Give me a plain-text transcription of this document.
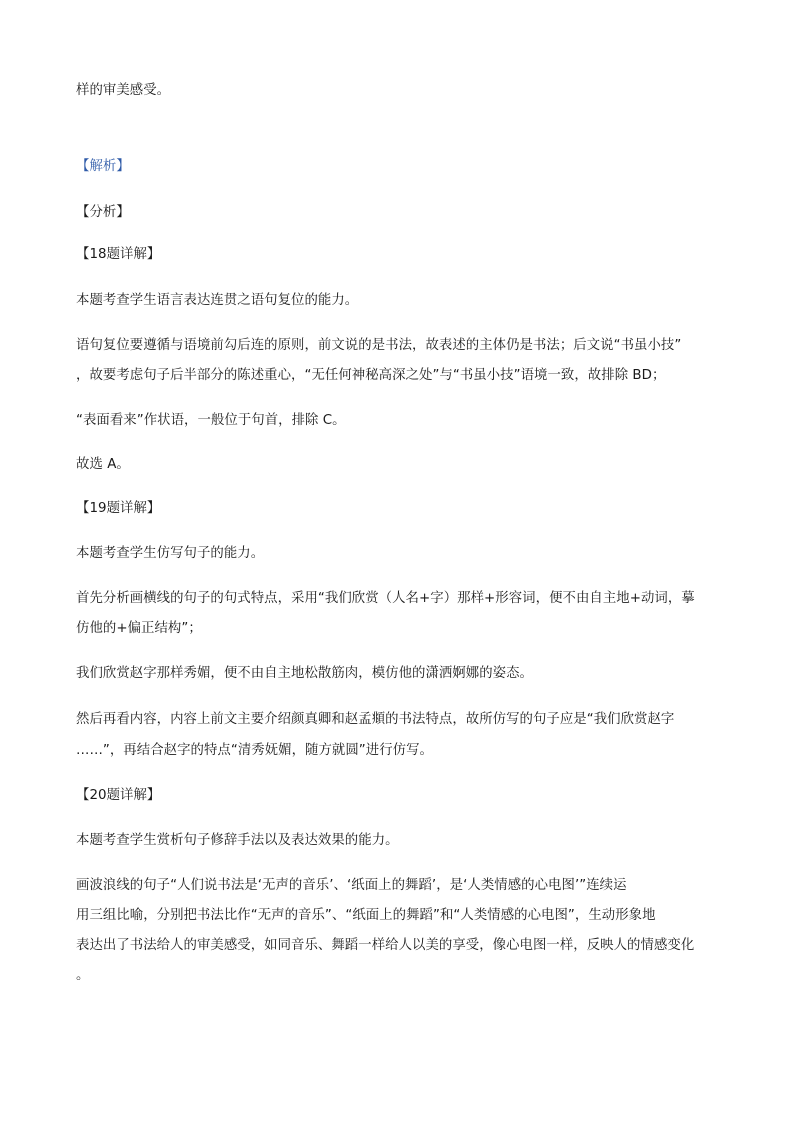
样的审美感受。
【解析】
【分析】
【18题详解】
本题考查学生语言表达连贯之语句复位的能力。
语句复位要遵循与语境前勾后连的原则，前文说的是书法，故表述的主体仍是书法；后文说“书虽小技”
，故要考虑句子后半部分的陈述重心，“无任何神秘高深之处”与“书虽小技”语境一致，故排除 BD；
“表面看来”作状语，一般位于句首，排除 C。
故选 A。
【19题详解】
本题考查学生仿写句子的能力。
首先分析画横线的句子的句式特点，采用“我们欣赏（人名+字）那样+形容词，便不由自主地+动词，摹
仿他的+偏正结构”；
我们欣赏赵字那样秀媚，便不由自主地松散筋肉，模仿他的潇洒婀娜的姿态。
然后再看内容，内容上前文主要介绍颜真卿和赵孟頫的书法特点，故所仿写的句子应是“我们欣赏赵字
……”，再结合赵字的特点“清秀妩媚，随方就圆”进行仿写。
【20题详解】
本题考查学生赏析句子修辞手法以及表达效果的能力。
画波浪线的句子“人们说书法是‘无声的音乐’、‘纸面上的舞蹈’，是‘人类情感的心电图’”连续运
用三组比喻，分别把书法比作“无声的音乐”、“纸面上的舞蹈”和“人类情感的心电图”，生动形象地
表达出了书法给人的审美感受，如同音乐、舞蹈一样给人以美的享受，像心电图一样，反映人的情感变化
。
